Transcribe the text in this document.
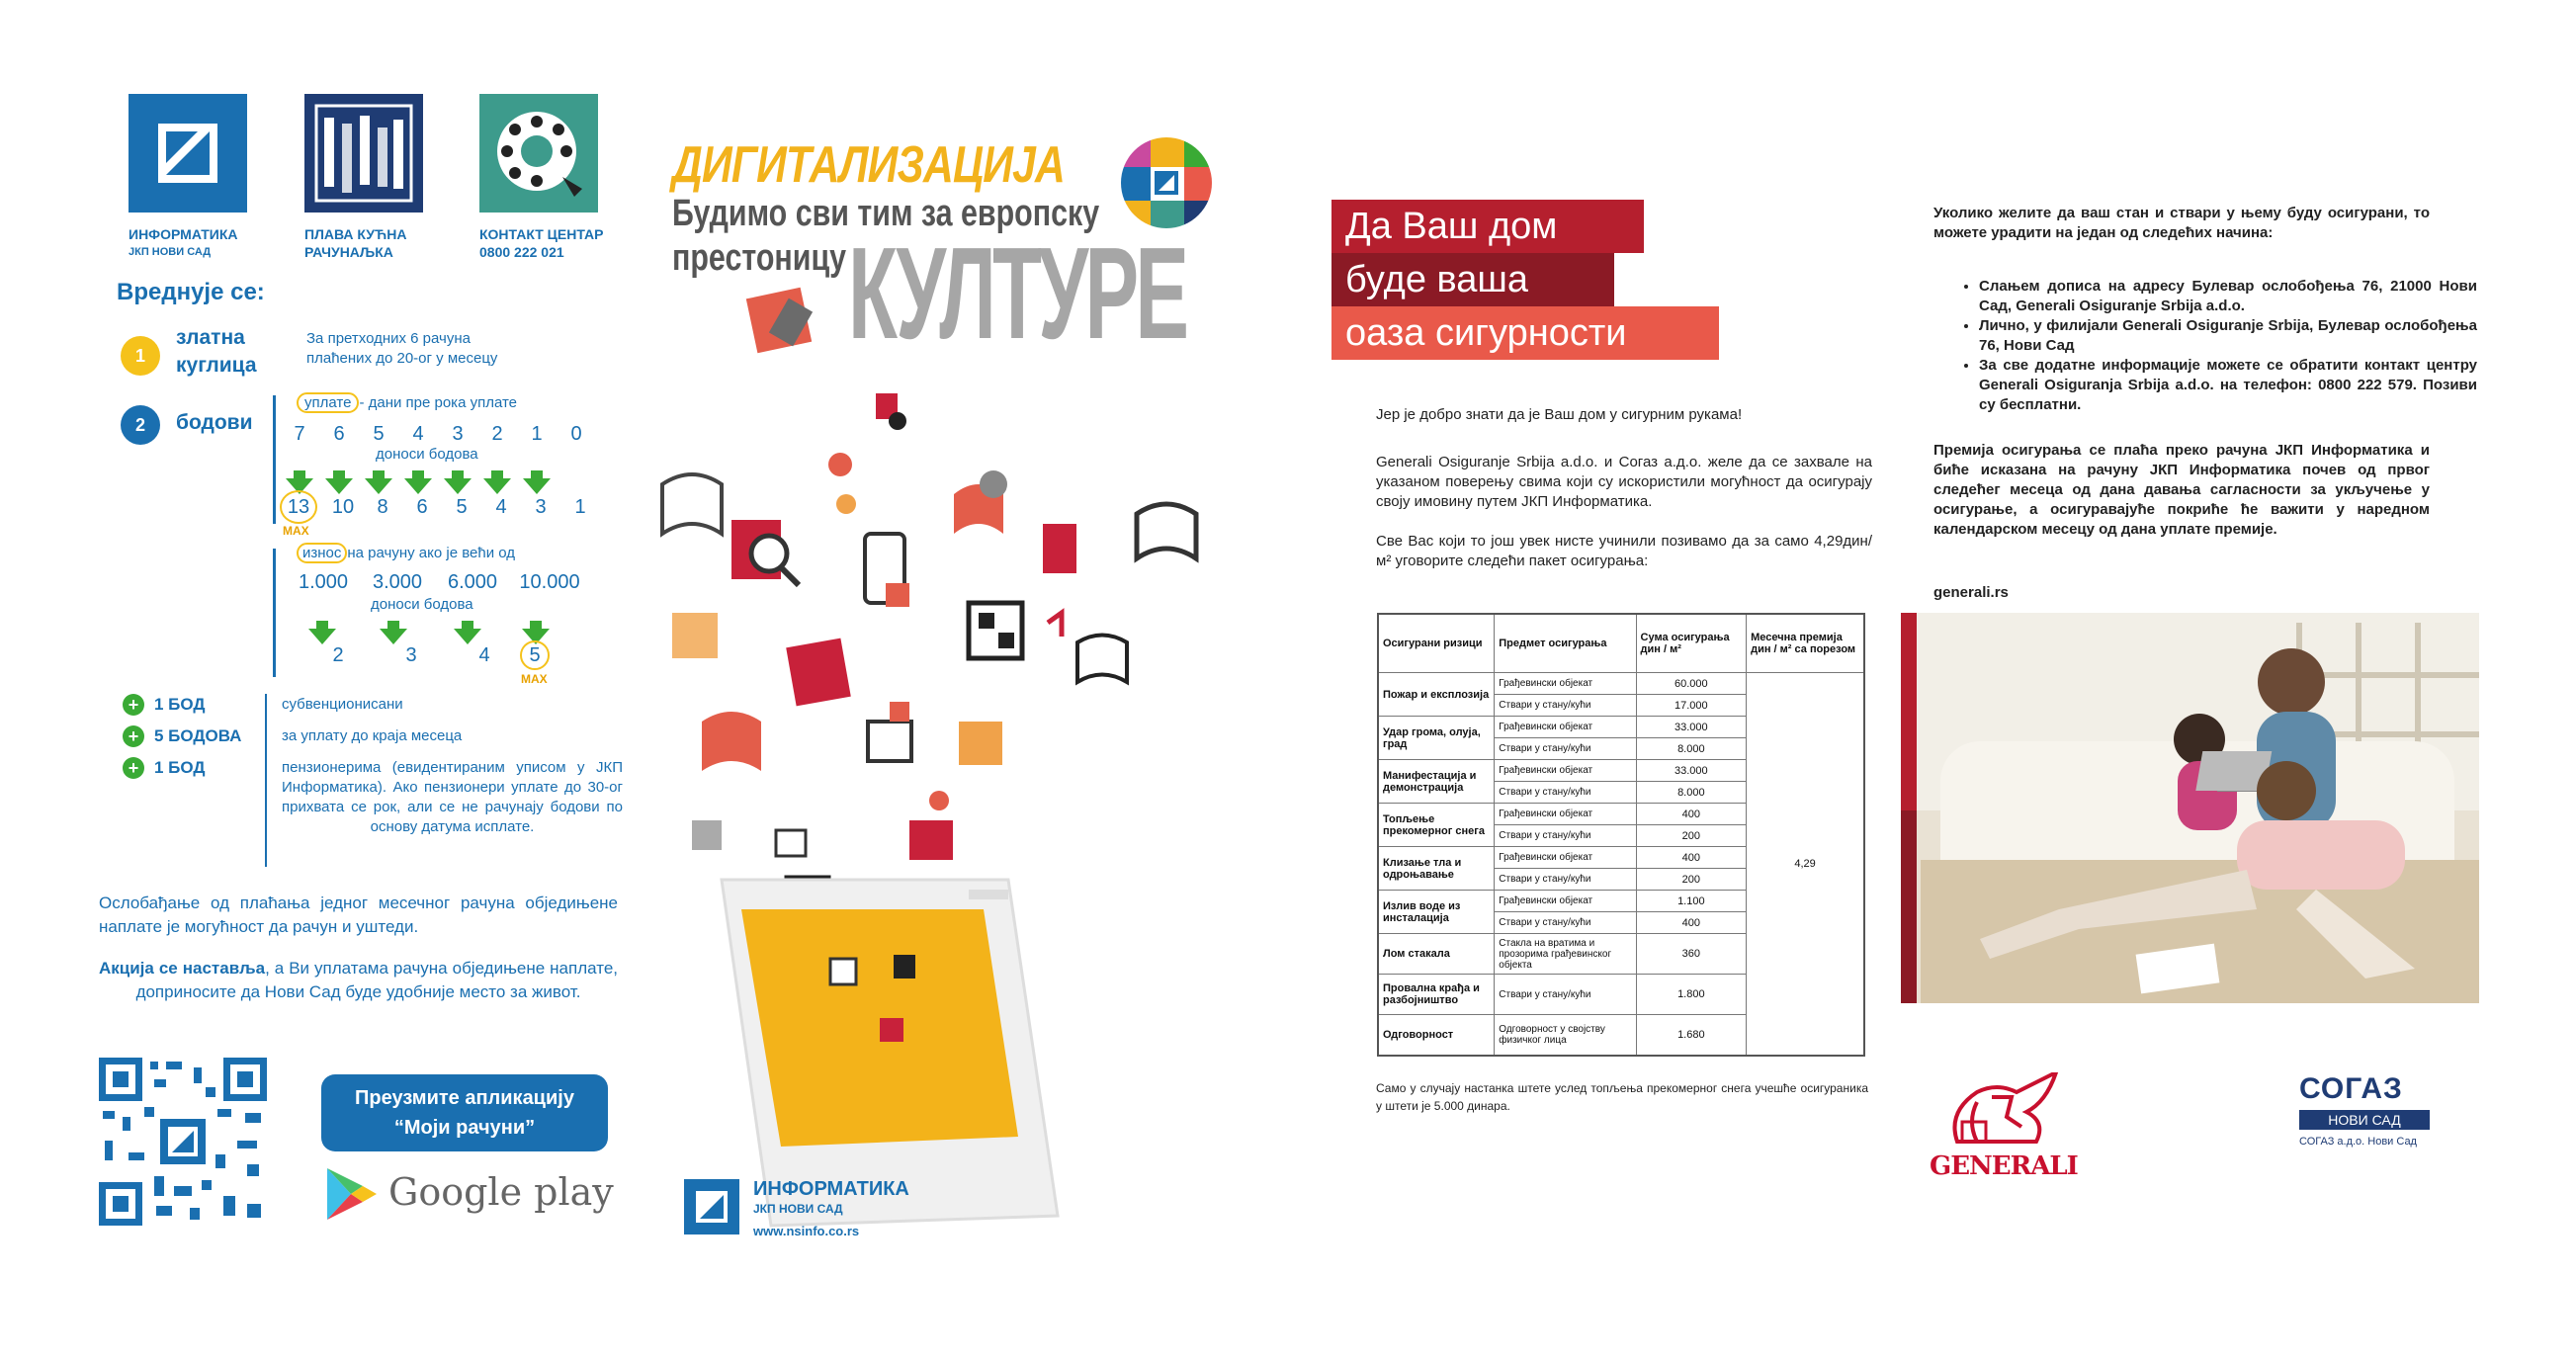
ИНФОРМАТИКА
ЈКП НОВИ САД
ПЛАВА КУЋНА
РАЧУНАЉКА
КОНТАКТ ЦЕНТАР
0800 222 021
Вреднује се:
1
златна
куглица
За претходних 6 рачуна
плаћених до 20-ог у месецу
2	бодови
уплате - дани пре рока уплате
7	6	5	4	3	2	1	0
доноси бодова
13	10	8	6	5	4	3	1
MAX
износ на рачуну ако је већи од
1.000	3.000	6.000	10.000
доноси бодова
2	3	4	5
MAX
+ 1 БОД	субвенционисани
+ 5 БОДОВА	за уплату до краја месеца
+ 1 БОД	пензионерима (евидентираним уписом у ЈКП Информатика). Ако пензионери уплате до 30-ог прихвата се рок, али се не рачунају бодови по основу датума исплате.
Ослобађање од плаћања једног месечног рачуна обједињене наплате је могућност да рачун и уштеди.
Акција се наставља, а Ви уплатама рачуна обједињене наплате, доприносите да Нови Сад буде удобније место за живот.
Преузмите апликацију
“Моји рачуни”
Google play
ДИГИТАЛИЗАЦИЈА
Будимо сви тим за европску
престоницу КУЛТУРЕ
ИНФОРМАТИКА
ЈКП НОВИ САД
www.nsinfo.co.rs
Да Ваш дом
буде ваша
оаза сигурности
Јер је добро знати да је Ваш дом у сигурним рукама!
Generali Osiguranje Srbija a.d.o. и Согаз а.д.о. желе да се захвале на указаном поверењу свима који су искористили могућност да осигурају своју имовину путем ЈКП Информатика.
Све Вас који то још увек нисте учинили позивамо да за само 4,29дин/м² уговорите следећи пакет осигурања:
Осигурани ризици	Предмет осигурања	Сума осигурања дин / м²	Месечна премија дин / м² са порезом
Пожар и експлозија	Грађевински објекат	60.000	4,29
	Ствари у стану/кући	17.000	
Удар грома, олуја, град	Грађевински објекат	33.000	
	Ствари у стану/кући	8.000	
Манифестација и демонстрација	Грађевински објекат	33.000	
	Ствари у стану/кући	8.000	
Топљење прекомерног снега	Грађевински објекат	400	
	Ствари у стану/кући	200	
Клизање тла и одроњавање	Грађевински објекат	400	
	Ствари у стану/кући	200	
Излив воде из инсталација	Грађевински објекат	1.100	
	Ствари у стану/кући	400	
Лом стакала	Стакла на вратима и прозорима грађевинског објекта	360	
Провална крађа и разбојништво	Ствари у стану/кући	1.800	
Одговорност	Одговорност у својству физичког лица	1.680	
Само у случају настанка штете услед топљења прекомерног снега учешће осигураника у штети је 5.000 динара.
Уколико желите да ваш стан и ствари у њему буду осигурани, то можете урадити на један од следећих начина:
• Слањем дописа на адресу Булевар ослобођења 76, 21000 Нови Сад, Generali Osiguranje Srbija a.d.o.
• Лично, у филијали Generali Osiguranje Srbija, Булевар ослобођења 76, Нови Сад
• За све додатне информације можете се обратити контакт центру Generali Osiguranja Srbija a.d.o. на телефон: 0800 222 579. Позиви су бесплатни.
Премија осигурања се плаћа преко рачуна ЈКП Информатика и биће исказана на рачуну ЈКП Информатика почев од првог следећег месеца од дана давања сагласности за укључење у осигурање, а осигуравајуће покриће ће важити у наредном календарском месецу од дана уплате премије.
generali.rs
GENERALI
СОГАЗ
НОВИ САД
СОГАЗ а.д.о. Нови Сад
